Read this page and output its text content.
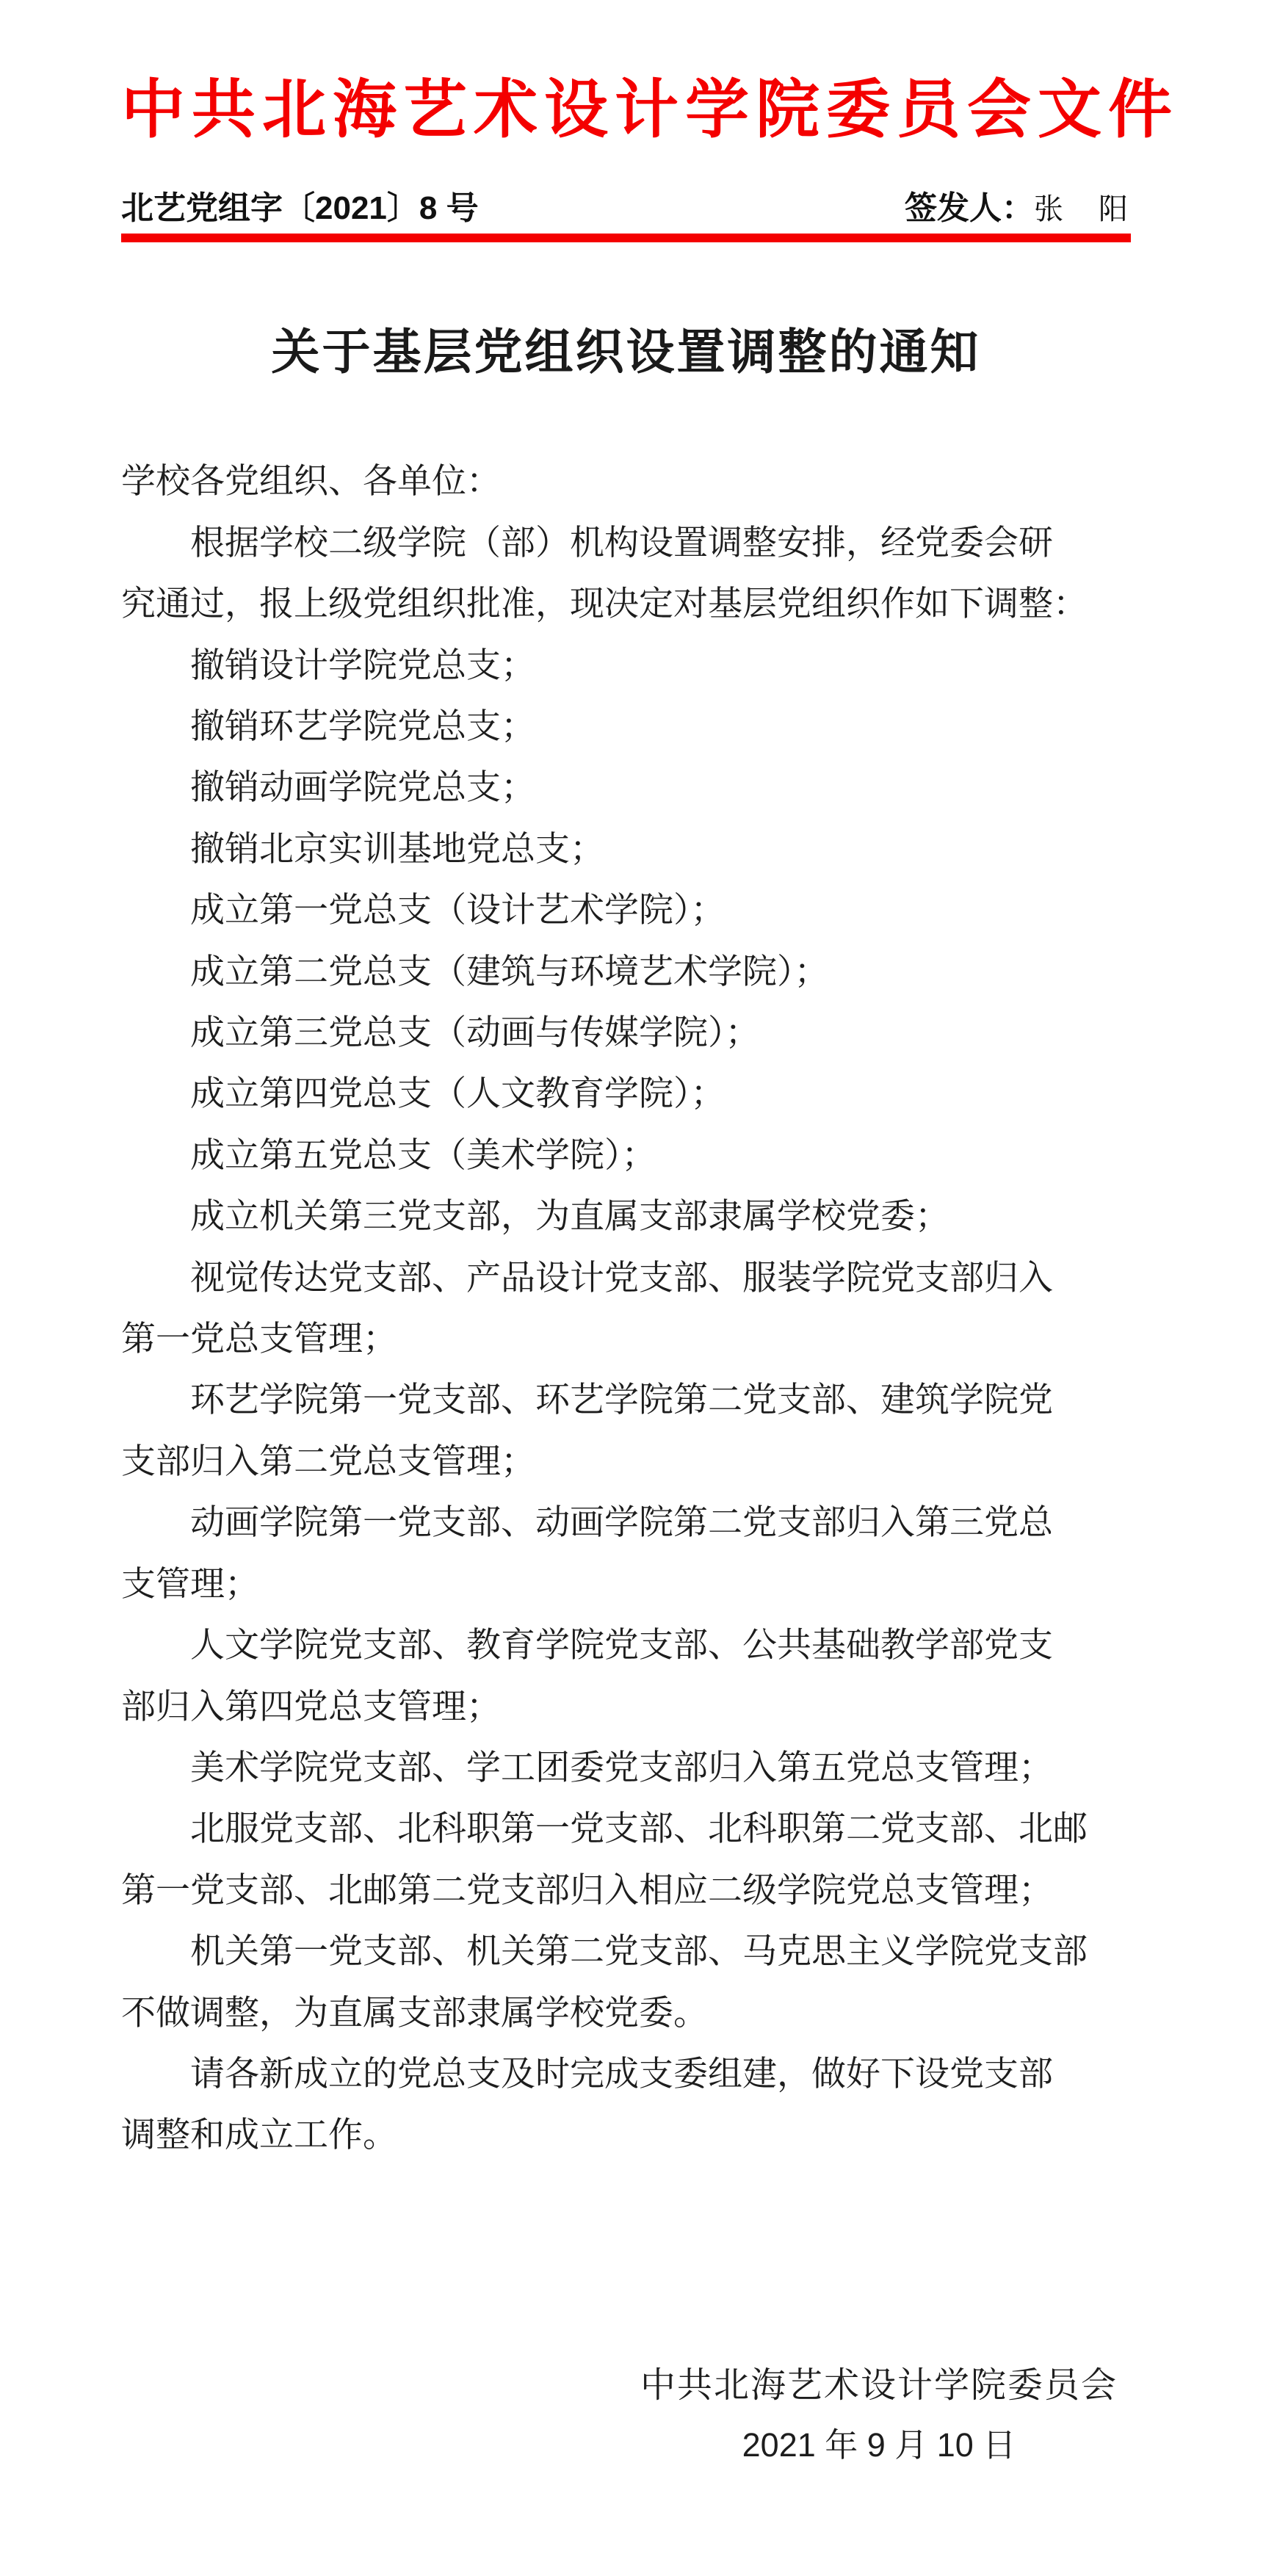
中共北海艺术设计学院委员会文件
北艺党组字〔2021〕8 号	签发人：张　阳
关于基层党组织设置调整的通知
学校各党组织、各单位：
根据学校二级学院（部）机构设置调整安排，经党委会研
究通过，报上级党组织批准，现决定对基层党组织作如下调整：
撤销设计学院党总支；
撤销环艺学院党总支；
撤销动画学院党总支；
撤销北京实训基地党总支；
成立第一党总支（设计艺术学院）；
成立第二党总支（建筑与环境艺术学院）；
成立第三党总支（动画与传媒学院）；
成立第四党总支（人文教育学院）；
成立第五党总支（美术学院）；
成立机关第三党支部，为直属支部隶属学校党委；
视觉传达党支部、产品设计党支部、服装学院党支部归入
第一党总支管理；
环艺学院第一党支部、环艺学院第二党支部、建筑学院党
支部归入第二党总支管理；
动画学院第一党支部、动画学院第二党支部归入第三党总
支管理；
人文学院党支部、教育学院党支部、公共基础教学部党支
部归入第四党总支管理；
美术学院党支部、学工团委党支部归入第五党总支管理；
北服党支部、北科职第一党支部、北科职第二党支部、北邮
第一党支部、北邮第二党支部归入相应二级学院党总支管理；
机关第一党支部、机关第二党支部、马克思主义学院党支部
不做调整，为直属支部隶属学校党委。
请各新成立的党总支及时完成支委组建，做好下设党支部
调整和成立工作。
中共北海艺术设计学院委员会
2021 年 9 月 10 日
